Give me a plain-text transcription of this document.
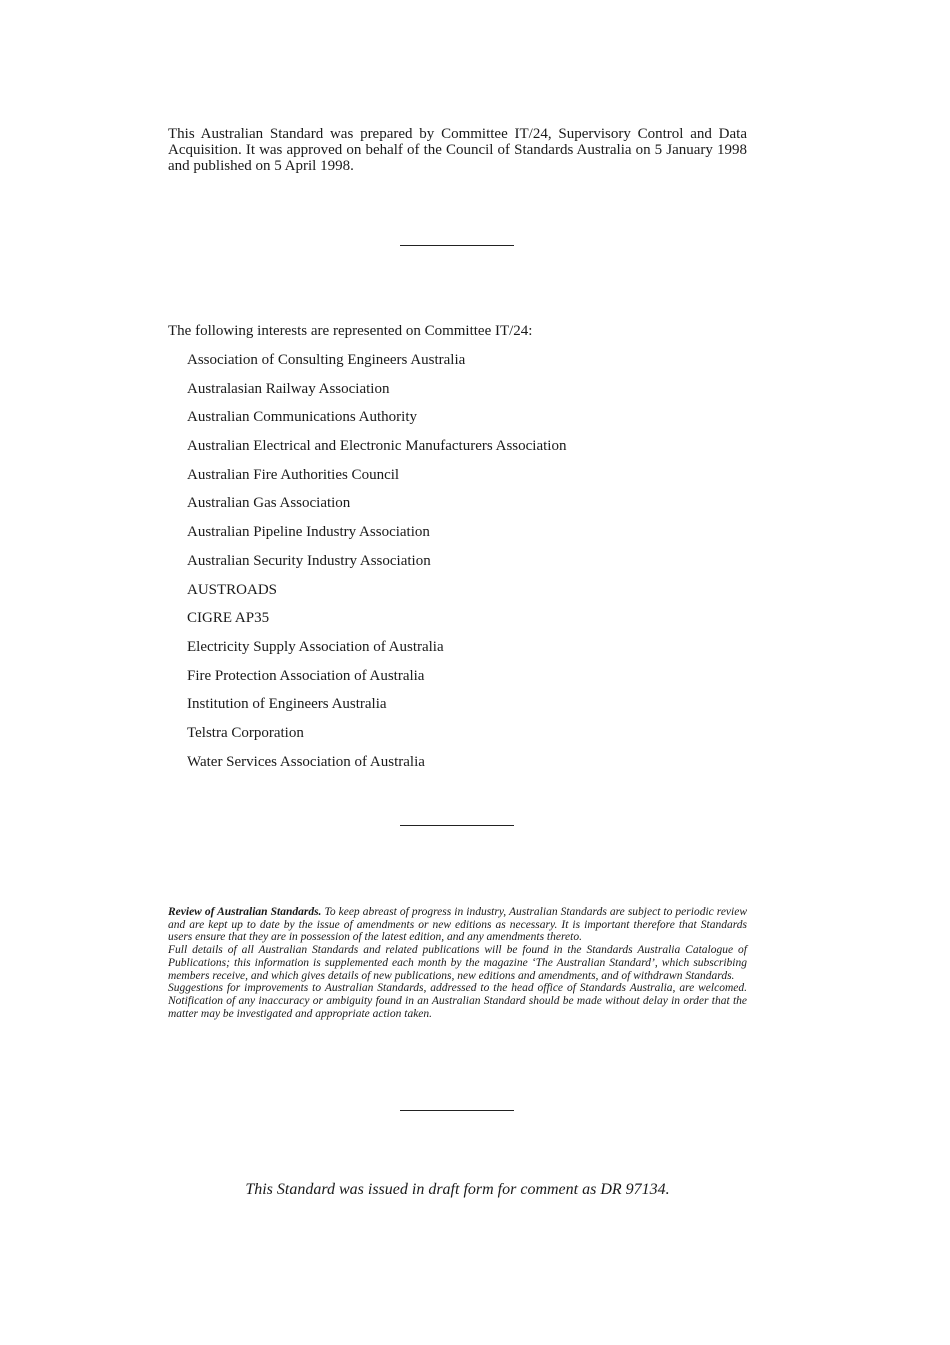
This Australian Standard was prepared by Committee IT/24, Supervisory Control and Data Acquisition. It was approved on behalf of the Council of Standards Australia on 5 January 1998 and published on 5 April 1998.

The following interests are represented on Committee IT/24:
Association of Consulting Engineers Australia
Australasian Railway Association
Australian Communications Authority
Australian Electrical and Electronic Manufacturers Association
Australian Fire Authorities Council
Australian Gas Association
Australian Pipeline Industry Association
Australian Security Industry Association
AUSTROADS
CIGRE AP35
Electricity Supply Association of Australia
Fire Protection Association of Australia
Institution of Engineers Australia
Telstra Corporation
Water Services Association of Australia

Review of Australian Standards. To keep abreast of progress in industry, Australian Standards are subject to periodic review and are kept up to date by the issue of amendments or new editions as necessary. It is important therefore that Standards users ensure that they are in possession of the latest edition, and any amendments thereto.

Full details of all Australian Standards and related publications will be found in the Standards Australia Catalogue of Publications; this information is supplemented each month by the magazine ‘The Australian Standard’, which subscribing members receive, and which gives details of new publications, new editions and amendments, and of withdrawn Standards.

Suggestions for improvements to Australian Standards, addressed to the head office of Standards Australia, are welcomed. Notification of any inaccuracy or ambiguity found in an Australian Standard should be made without delay in order that the matter may be investigated and appropriate action taken.

This Standard was issued in draft form for comment as DR 97134.
